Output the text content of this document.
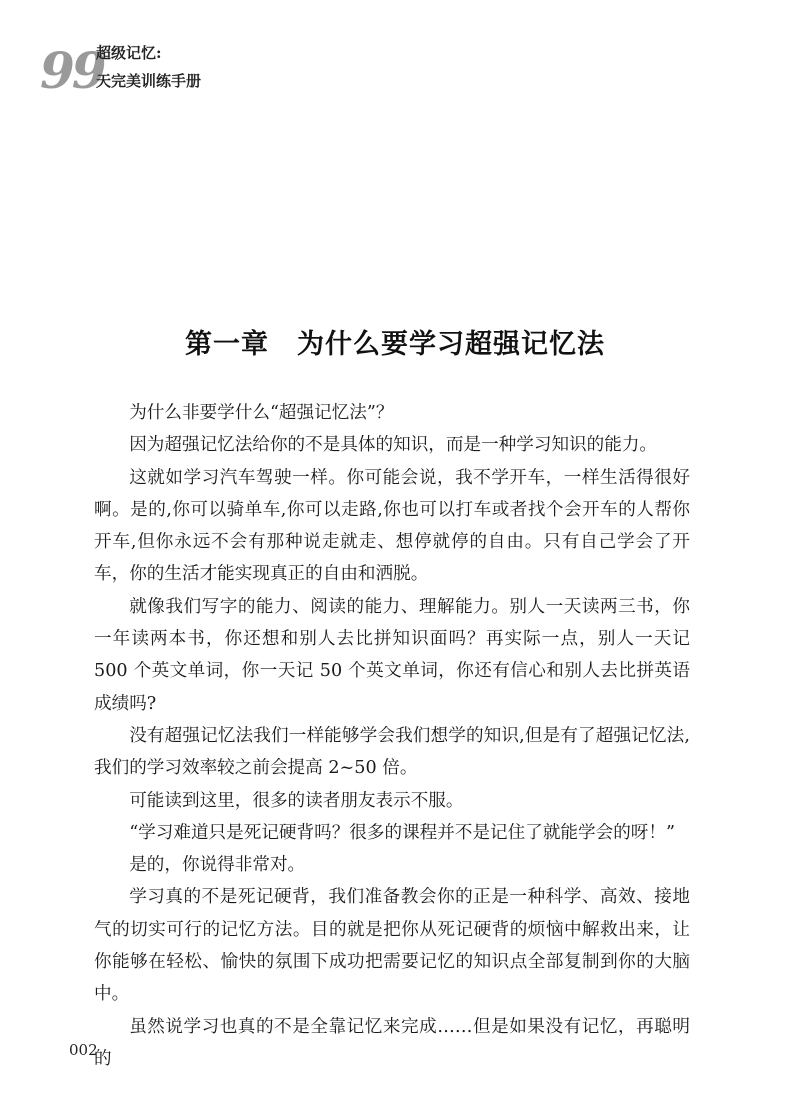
99
超级记忆:
天完美训练手册
第一章　为什么要学习超强记忆法

为什么非要学什么“超强记忆法”？

因为超强记忆法给你的不是具体的知识，而是一种学习知识的能力。

这就如学习汽车驾驶一样。你可能会说，我不学开车，一样生活得很好啊。是的,你可以骑单车,你可以走路,你也可以打车或者找个会开车的人帮你开车,但你永远不会有那种说走就走、想停就停的自由。只有自己学会了开车，你的生活才能实现真正的自由和洒脱。

就像我们写字的能力、阅读的能力、理解能力。别人一天读两三书，你一年读两本书，你还想和别人去比拼知识面吗？再实际一点，别人一天记 500 个英文单词，你一天记 50 个英文单词，你还有信心和别人去比拼英语成绩吗?

没有超强记忆法我们一样能够学会我们想学的知识,但是有了超强记忆法,我们的学习效率较之前会提高 2~50 倍。

可能读到这里，很多的读者朋友表示不服。

“学习难道只是死记硬背吗？很多的课程并不是记住了就能学会的呀！”

是的，你说得非常对。

学习真的不是死记硬背，我们准备教会你的正是一种科学、高效、接地气的切实可行的记忆方法。目的就是把你从死记硬背的烦恼中解救出来，让你能够在轻松、愉快的氛围下成功把需要记忆的知识点全部复制到你的大脑中。

虽然说学习也真的不是全靠记忆来完成……但是如果没有记忆，再聪明的

002
